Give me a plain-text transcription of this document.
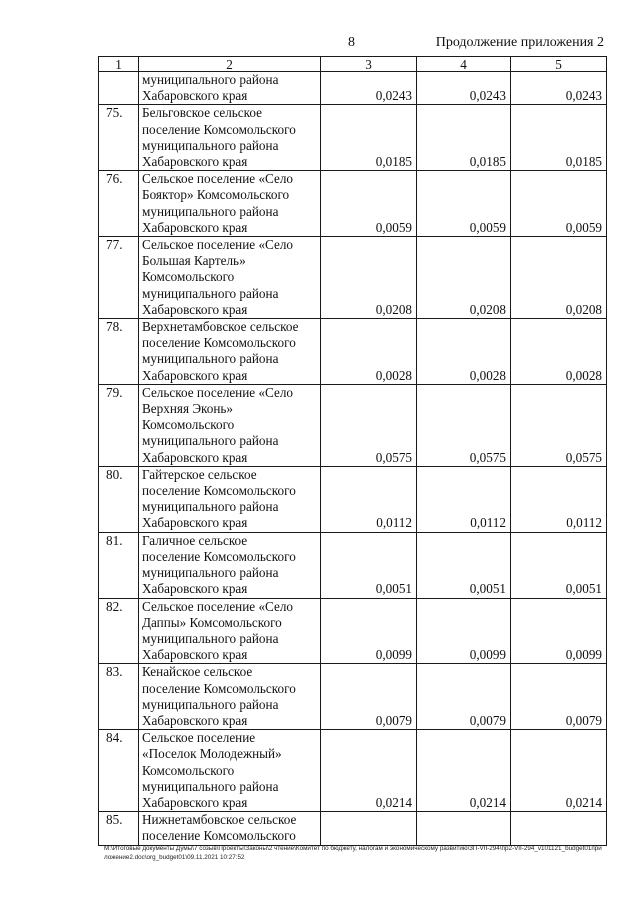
8	Продолжение приложения 2
1	2	3	4	5

	муниципального района
Хабаровского края	0,0243	0,0243	0,0243
75.	Бельговское сельское
поселение Комсомольского
муниципального района
Хабаровского края	0,0185	0,0185	0,0185
76.	Сельское поселение «Село
Бояктор» Комсомольского
муниципального района
Хабаровского края	0,0059	0,0059	0,0059
77.	Сельское поселение «Село
Большая Картель»
Комсомольского
муниципального района
Хабаровского края	0,0208	0,0208	0,0208
78.	Верхнетамбовское сельское
поселение Комсомольского
муниципального района
Хабаровского края	0,0028	0,0028	0,0028
79.	Сельское поселение «Село
Верхняя Эконь»
Комсомольского
муниципального района
Хабаровского края	0,0575	0,0575	0,0575
80.	Гайтерское сельское
поселение Комсомольского
муниципального района
Хабаровского края	0,0112	0,0112	0,0112
81.	Галичное сельское
поселение Комсомольского
муниципального района
Хабаровского края	0,0051	0,0051	0,0051
82.	Сельское поселение «Село
Даппы» Комсомольского
муниципального района
Хабаровского края	0,0099	0,0099	0,0099
83.	Кенайское сельское
поселение Комсомольского
муниципального района
Хабаровского края	0,0079	0,0079	0,0079
84.	Сельское поселение
«Поселок Молодежный»
Комсомольского
муниципального района
Хабаровского края	0,0214	0,0214	0,0214
85.	Нижнетамбовское сельское
поселение Комсомольского			

M:\Итоговые документы Думы\7 созыв\Проекты\Законы\2 чтение\Комитет по бюджету, налогам и экономическому развитию\3П-VII-294\пр2-VII-294_v101121_budget01приложение2.doc\org_budget01\09.11.2021 10:27:52
